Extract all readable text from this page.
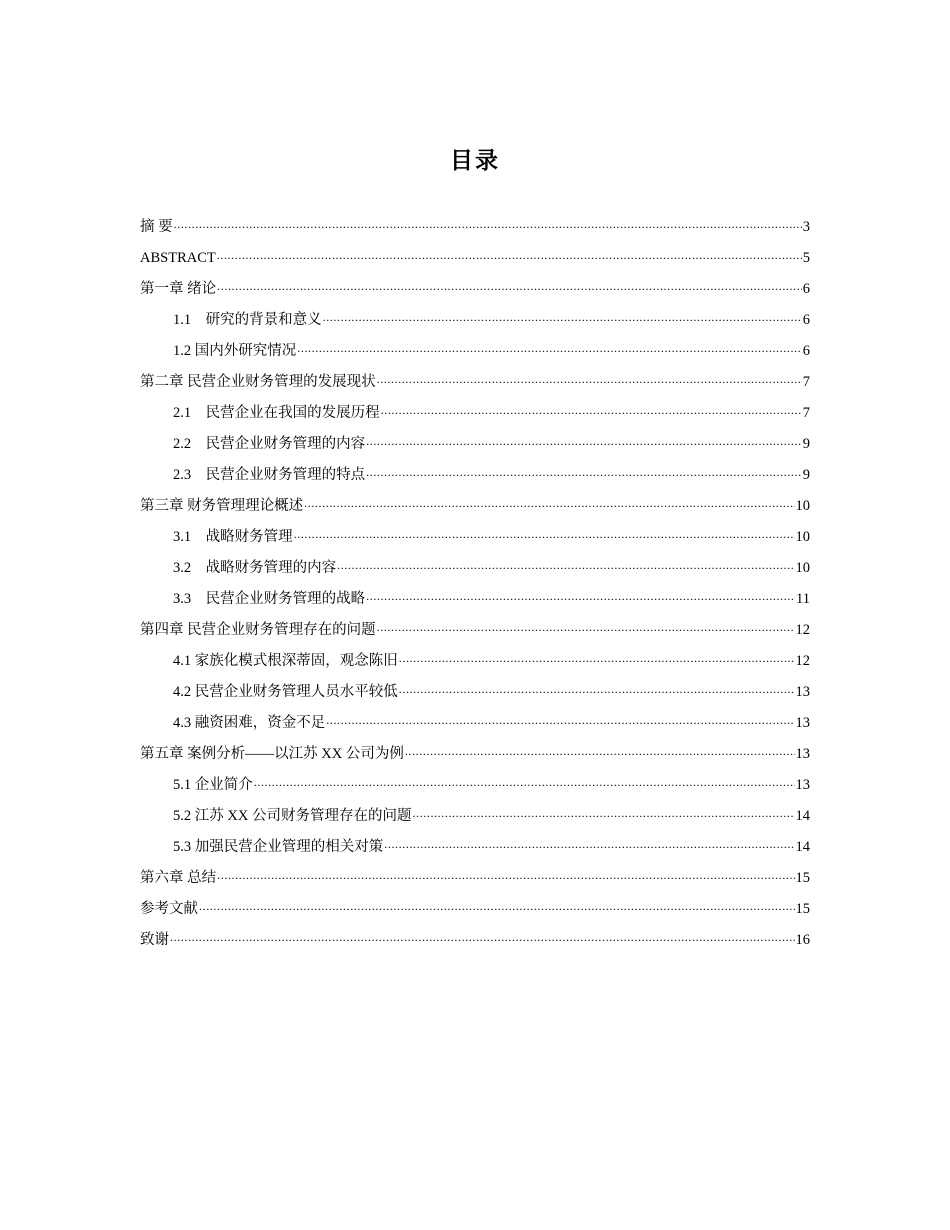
目录
摘 要 .....	3
ABSTRACT .....	5
第一章 绪论 .....	6
1.1　研究的背景和意义 .....	6
1.2 国内外研究情况 .....	6
第二章 民营企业财务管理的发展现状 .....	7
2.1　民营企业在我国的发展历程 .....	7
2.2　民营企业财务管理的内容 .....	9
2.3　民营企业财务管理的特点 .....	9
第三章 财务管理理论概述 .....	10
3.1　战略财务管理 .....	10
3.2　战略财务管理的内容 .....	10
3.3　民营企业财务管理的战略 .....	11
第四章 民营企业财务管理存在的问题 .....	12
4.1 家族化模式根深蒂固，观念陈旧 .....	12
4.2 民营企业财务管理人员水平较低 .....	13
4.3 融资困难，资金不足 .....	13
第五章 案例分析——以江苏 XX 公司为例 .....	13
5.1 企业简介 .....	13
5.2 江苏 XX 公司财务管理存在的问题 .....	14
5.3 加强民营企业管理的相关对策 .....	14
第六章 总结 .....	15
参考文献 .....	15
致谢 .....	16
